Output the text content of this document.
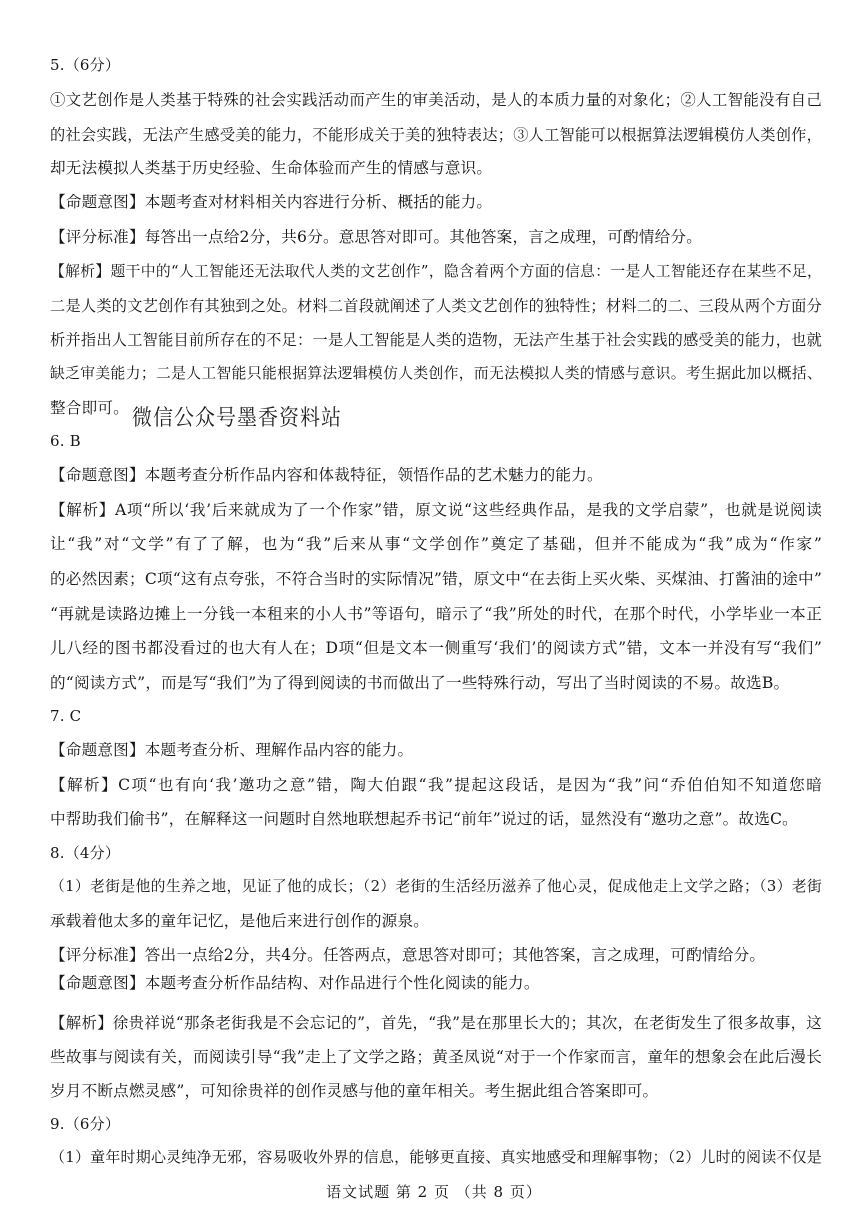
5.（6分）
①文艺创作是人类基于特殊的社会实践活动而产生的审美活动，是人的本质力量的对象化；②人工智能没有自己
的社会实践，无法产生感受美的能力，不能形成关于美的独特表达；③人工智能可以根据算法逻辑模仿人类创作，
却无法模拟人类基于历史经验、生命体验而产生的情感与意识。
【命题意图】本题考查对材料相关内容进行分析、概括的能力。
【评分标准】每答出一点给2分，共6分。意思答对即可。其他答案，言之成理，可酌情给分。
【解析】题干中的“人工智能还无法取代人类的文艺创作”，隐含着两个方面的信息：一是人工智能还存在某些不足，
二是人类的文艺创作有其独到之处。材料二首段就阐述了人类文艺创作的独特性；材料二的二、三段从两个方面分
析并指出人工智能目前所存在的不足：一是人工智能是人类的造物，无法产生基于社会实践的感受美的能力，也就
缺乏审美能力；二是人工智能只能根据算法逻辑模仿人类创作，而无法模拟人类的情感与意识。考生据此加以概括、
整合即可。 微信公众号墨香资料站
6. B
【命题意图】本题考查分析作品内容和体裁特征，领悟作品的艺术魅力的能力。
【解析】A项“所以‘我’后来就成为了一个作家”错，原文说“这些经典作品，是我的文学启蒙”，也就是说阅读
让“我”对“文学”有了了解，也为“我”后来从事“文学创作”奠定了基础，但并不能成为“我”成为“作家”
的必然因素；C项“这有点夸张，不符合当时的实际情况”错，原文中“在去街上买火柴、买煤油、打酱油的途中”
“再就是读路边摊上一分钱一本租来的小人书”等语句，暗示了“我”所处的时代，在那个时代，小学毕业一本正
儿八经的图书都没看过的也大有人在；D项“但是文本一侧重写‘我们’的阅读方式”错，文本一并没有写“我们”
的“阅读方式”，而是写“我们”为了得到阅读的书而做出了一些特殊行动，写出了当时阅读的不易。故选B。
7. C
【命题意图】本题考查分析、理解作品内容的能力。
【解析】C项“也有向‘我’邀功之意”错，陶大伯跟“我”提起这段话，是因为“我”问“乔伯伯知不知道您暗
中帮助我们偷书”，在解释这一问题时自然地联想起乔书记“前年”说过的话，显然没有“邀功之意”。故选C。
8.（4分）
（1）老街是他的生养之地，见证了他的成长；（2）老街的生活经历滋养了他心灵，促成他走上文学之路；（3）老街
承载着他太多的童年记忆，是他后来进行创作的源泉。
【评分标准】答出一点给2分，共4分。任答两点，意思答对即可；其他答案，言之成理，可酌情给分。
【命题意图】本题考查分析作品结构、对作品进行个性化阅读的能力。
【解析】徐贵祥说“那条老街我是不会忘记的”，首先，“我”是在那里长大的；其次，在老街发生了很多故事，这
些故事与阅读有关，而阅读引导“我”走上了文学之路；黄圣凤说“对于一个作家而言，童年的想象会在此后漫长
岁月不断点燃灵感”，可知徐贵祥的创作灵感与他的童年相关。考生据此组合答案即可。
9.（6分）
（1）童年时期心灵纯净无邪，容易吸收外界的信息，能够更直接、真实地感受和理解事物；（2）儿时的阅读不仅是
语文试题 第 2 页 （共 8 页）
